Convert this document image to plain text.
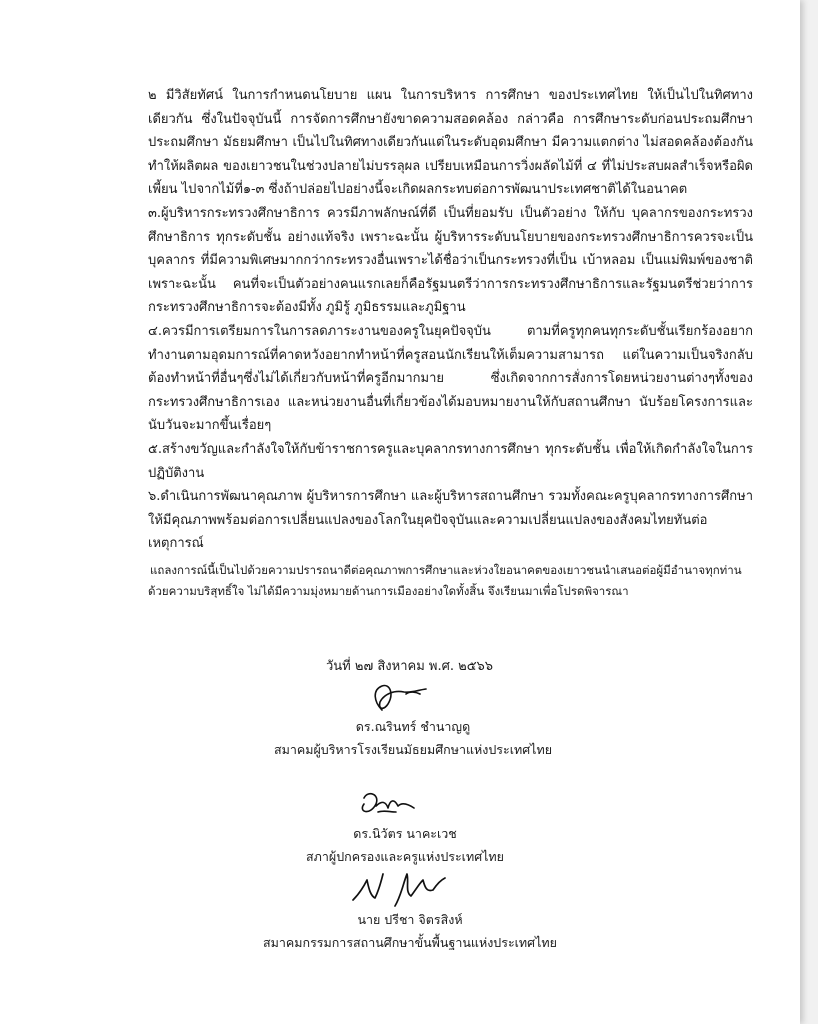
๒ มีวิสัยทัศน์ ในการกำหนดนโยบาย แผน ในการบริหาร การศึกษา ของประเทศไทย ให้เป็นไปในทิศทางเดียวกัน ซึ่งในปัจจุบันนี้ การจัดการศึกษายังขาดความสอดคล้อง กล่าวคือ การศึกษาระดับก่อนประถมศึกษา ประถมศึกษา มัธยมศึกษา เป็นไปในทิศทางเดียวกันแต่ในระดับอุดมศึกษา มีความแตกต่าง ไม่สอดคล้องต้องกัน ทำให้ผลิตผล ของเยาวชนในช่วงปลายไม่บรรลุผล เปรียบเหมือนการวิ่งผลัดไม้ที่ ๔ ที่ไม่ประสบผลสำเร็จหรือผิดเพี้ยน ไปจากไม้ที่๑-๓ ซึ่งถ้าปล่อยไปอย่างนี้จะเกิดผลกระทบต่อการพัฒนาประเทศชาติได้ในอนาคต

๓.ผู้บริหารกระทรวงศึกษาธิการ ควรมีภาพลักษณ์ที่ดี เป็นที่ยอมรับ เป็นตัวอย่าง ให้กับ บุคลากรของกระทรวงศึกษาธิการ ทุกระดับชั้น อย่างแท้จริง เพราะฉะนั้น ผู้บริหารระดับนโยบายของกระทรวงศึกษาธิการควรจะเป็นบุคลากร ที่มีความพิเศษมากกว่ากระทรวงอื่นเพราะได้ชื่อว่าเป็นกระทรวงที่เป็น เบ้าหลอม เป็นแม่พิมพ์ของชาติ เพราะฉะนั้น คนที่จะเป็นตัวอย่างคนแรกเลยก็คือรัฐมนตรีว่าการกระทรวงศึกษาธิการและรัฐมนตรีช่วยว่าการกระทรวงศึกษาธิการจะต้องมีทั้ง ภูมิรู้ ภูมิธรรมและภูมิฐาน

๔.ควรมีการเตรียมการในการลดภาระงานของครูในยุคปัจจุบัน ตามที่ครูทุกคนทุกระดับชั้นเรียกร้องอยากทำงานตามอุดมการณ์ที่คาดหวังอยากทำหน้าที่ครูสอนนักเรียนให้เต็มความสามารถ แต่ในความเป็นจริงกลับต้องทำหน้าที่อื่นๆซึ่งไม่ได้เกี่ยวกับหน้าที่ครูอีกมากมาย ซึ่งเกิดจากการสั่งการโดยหน่วยงานต่างๆทั้งของกระทรวงศึกษาธิการเอง และหน่วยงานอื่นที่เกี่ยวข้องได้มอบหมายงานให้กับสถานศึกษา นับร้อยโครงการและนับวันจะมากขึ้นเรื่อยๆ

๕.สร้างขวัญและกำลังใจให้กับข้าราชการครูและบุคลากรทางการศึกษา ทุกระดับชั้น เพื่อให้เกิดกำลังใจในการปฏิบัติงาน

๖.ดำเนินการพัฒนาคุณภาพ ผู้บริหารการศึกษา และผู้บริหารสถานศึกษา รวมทั้งคณะครูบุคลากรทางการศึกษา ให้มีคุณภาพพร้อมต่อการเปลี่ยนแปลงของโลกในยุคปัจจุบันและความเปลี่ยนแปลงของสังคมไทยทันต่อเหตุการณ์

แถลงการณ์นี้เป็นไปด้วยความปรารถนาดีต่อคุณภาพการศึกษาและห่วงใยอนาคตของเยาวชนนำเสนอต่อผู้มีอำนาจทุกท่านด้วยความบริสุทธิ์ใจ ไม่ได้มีความมุ่งหมายด้านการเมืองอย่างใดทั้งสิ้น จึงเรียนมาเพื่อโปรดพิจารณา

วันที่ ๒๗ สิงหาคม พ.ศ. ๒๕๖๖
ดร.ณรินทร์ ชำนาญดู
สมาคมผู้บริหารโรงเรียนมัธยมศึกษาแห่งประเทศไทย
ดร.นิวัตร นาคะเวช
สภาผู้ปกครองและครูแห่งประเทศไทย
นาย ปรีชา จิตรสิงห์
สมาคมกรรมการสถานศึกษาขั้นพื้นฐานแห่งประเทศไทย
